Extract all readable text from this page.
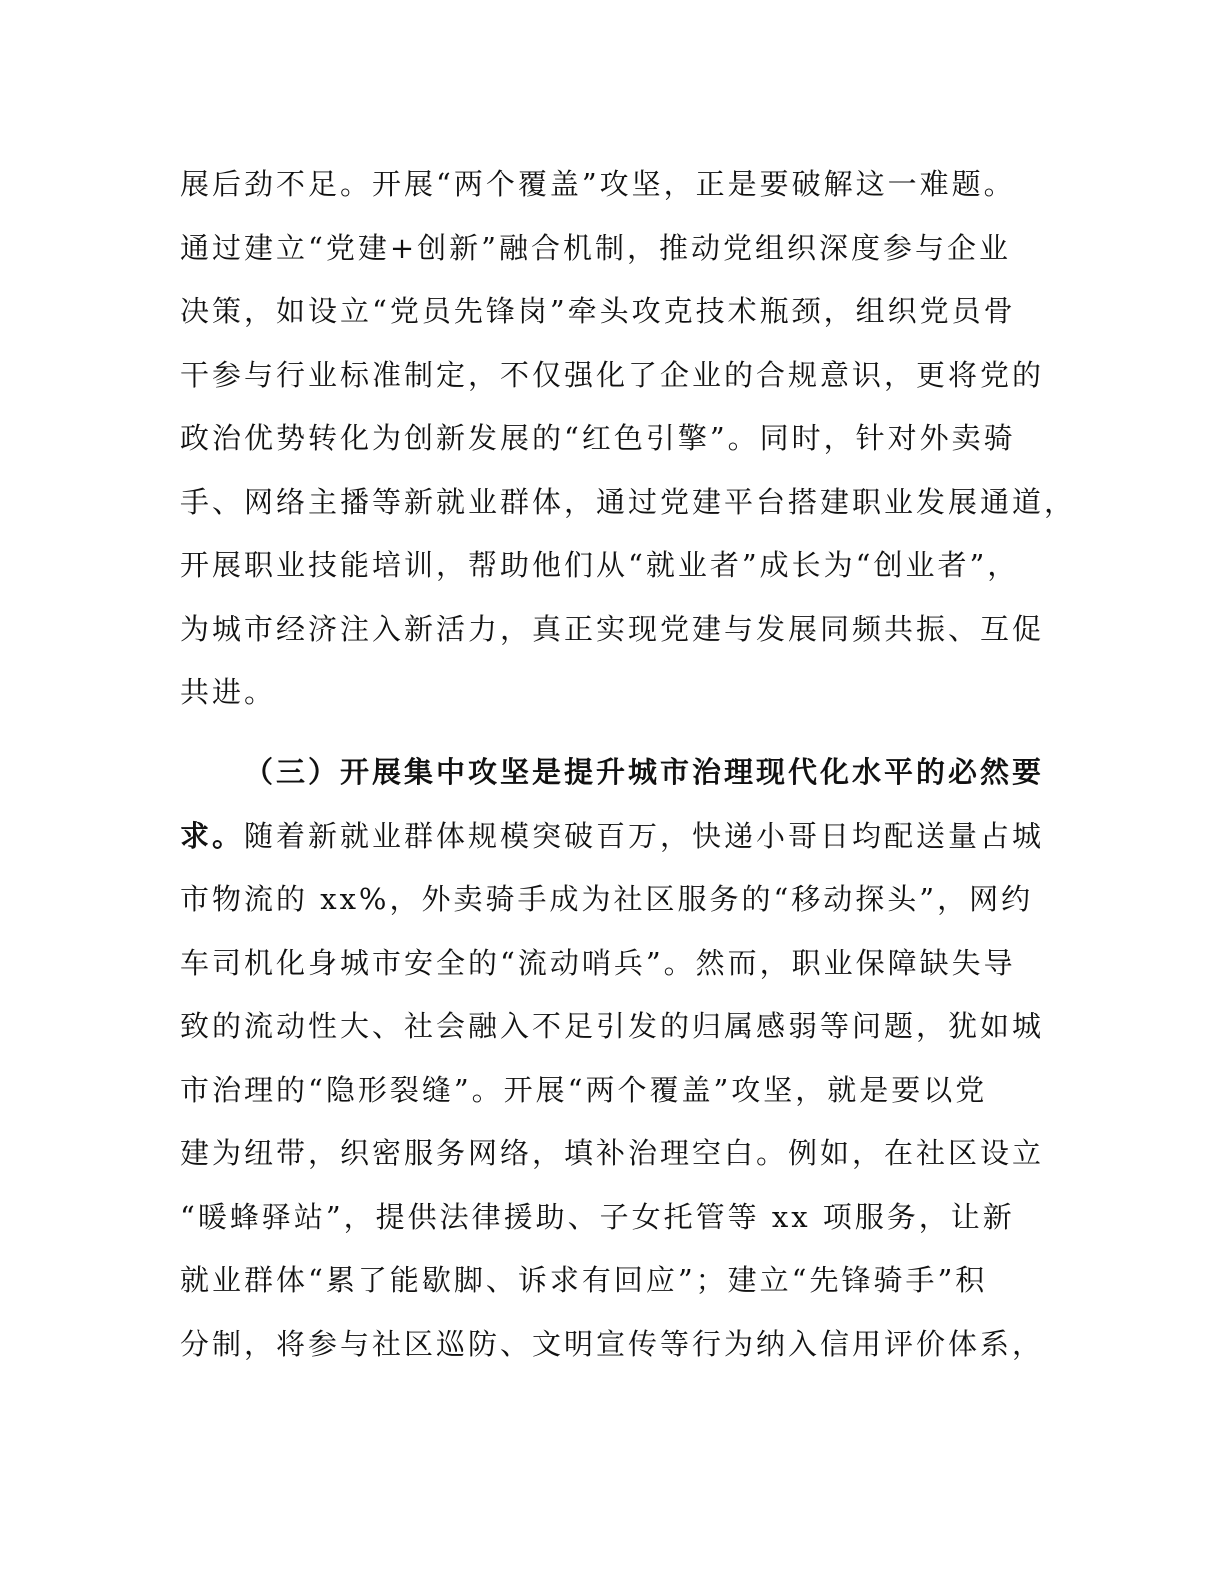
展后劲不足。开展“两个覆盖”攻坚，正是要破解这一难题。
通过建立“党建+创新”融合机制，推动党组织深度参与企业
决策，如设立“党员先锋岗”牵头攻克技术瓶颈，组织党员骨
干参与行业标准制定，不仅强化了企业的合规意识，更将党的
政治优势转化为创新发展的“红色引擎”。同时，针对外卖骑
手、网络主播等新就业群体，通过党建平台搭建职业发展通道，
开展职业技能培训，帮助他们从“就业者”成长为“创业者”，
为城市经济注入新活力，真正实现党建与发展同频共振、互促
共进。
（三）开展集中攻坚是提升城市治理现代化水平的必然要
求。随着新就业群体规模突破百万，快递小哥日均配送量占城
市物流的 xx%，外卖骑手成为社区服务的“移动探头”，网约
车司机化身城市安全的“流动哨兵”。然而，职业保障缺失导
致的流动性大、社会融入不足引发的归属感弱等问题，犹如城
市治理的“隐形裂缝”。开展“两个覆盖”攻坚，就是要以党
建为纽带，织密服务网络，填补治理空白。例如，在社区设立
“暖蜂驿站”，提供法律援助、子女托管等 xx 项服务，让新
就业群体“累了能歇脚、诉求有回应”；建立“先锋骑手”积
分制，将参与社区巡防、文明宣传等行为纳入信用评价体系，
